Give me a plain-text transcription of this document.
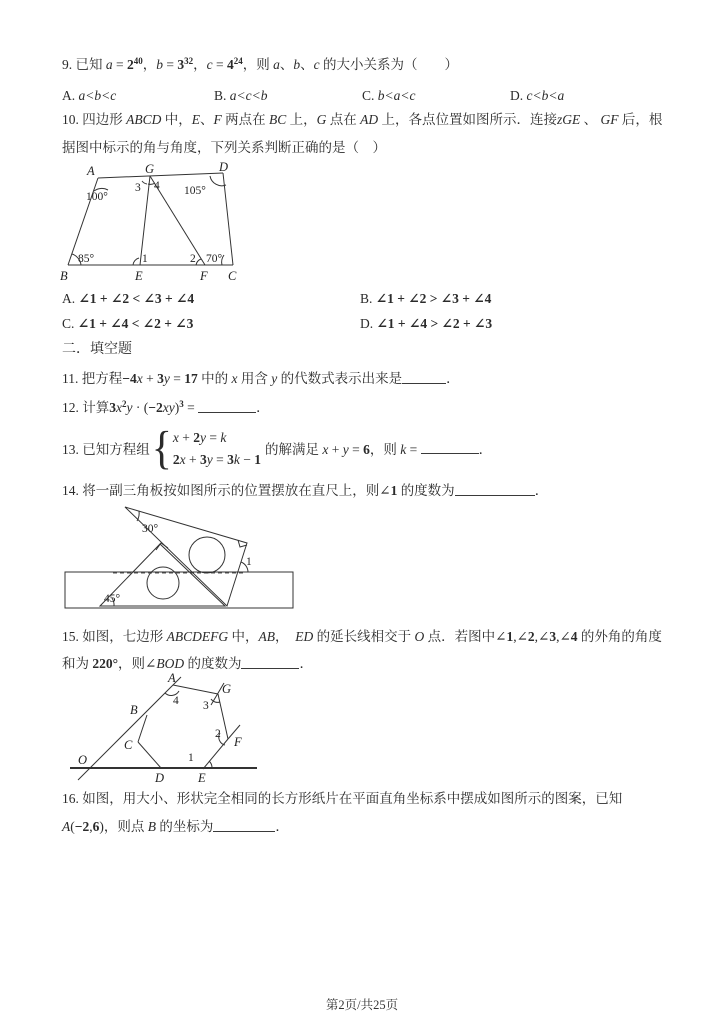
9. 已知 $a = 2^{40}$，$b = 3^{32}$，$c = 4^{24}$，则 a、b、c 的大小关系为（　　）
A. a<b<c	B. a<c<b	C. b<a<c	D. c<b<a
10. 四边形 ABCD 中，E、F 两点在 BC 上，G 点在 AD 上，各点位置如图所示．连接zGE 、 GF 后，根
据图中标示的角与角度，下列关系判断正确的是（　）
A	G	D
B	E	F C
100°	105°
85°	70°
3 4
1	2
A. ∠1 + ∠2 < ∠3 + ∠4	B. ∠1 + ∠2 > ∠3 + ∠4
C. ∠1 + ∠4 < ∠2 + ∠3	D. ∠1 + ∠4 > ∠2 + ∠3
二．填空题
11. 把方程−4x + 3y = 17 中的 x 用含 y 的代数式表示出来是	．
12. 计算$3x^2y \cdot (-2xy)^3$ =	．
13. 已知方程组 { x + 2y = k
2x + 3y = 3k − 1
的解满足 x + y = 6，则 k =	．
14. 将一副三角板按如图所示的位置摆放在直尺上，则∠1 的度数为	．
30°
45°
1
15. 如图，七边形 ABCDEFG 中，AB，　ED 的延长线相交于 O 点．若图中∠1,∠2,∠3,∠4 的外角的角度
和为 220°，则∠BOD 的度数为	．
O
A
G
B
C
D	E
F
4 3
2
1
16. 如图，用大小、形状完全相同的长方形纸片在平面直角坐标系中摆成如图所示的图案，已知
A(−2,6)，则点 B 的坐标为	．
第2页/共25页
